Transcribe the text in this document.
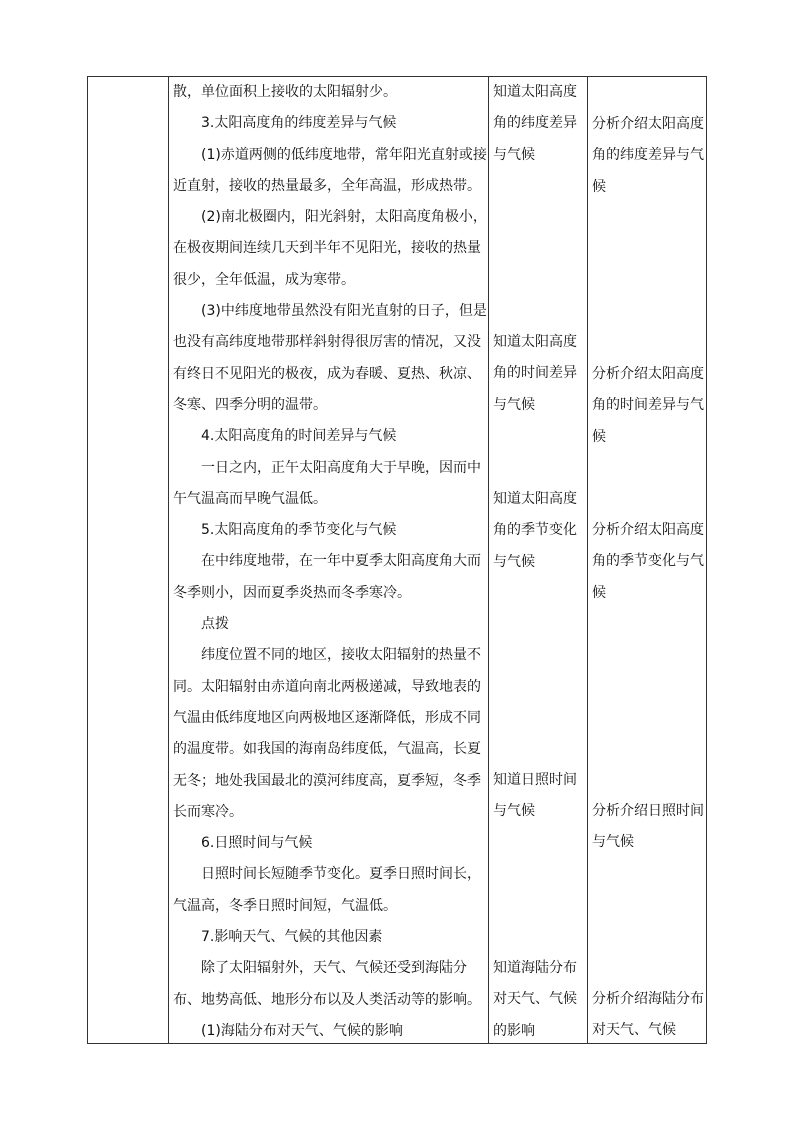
散，单位面积上接收的太阳辐射少。

3.太阳高度角的纬度差异与气候

(1)赤道两侧的低纬度地带，常年阳光直射或接近直射，接收的热量最多，全年高温，形成热带。

(2)南北极圈内，阳光斜射，太阳高度角极小，在极夜期间连续几天到半年不见阳光，接收的热量很少，全年低温，成为寒带。

(3)中纬度地带虽然没有阳光直射的日子，但是也没有高纬度地带那样斜射得很厉害的情况，又没有终日不见阳光的极夜，成为春暖、夏热、秋凉、冬寒、四季分明的温带。

4.太阳高度角的时间差异与气候

一日之内，正午太阳高度角大于早晚，因而中午气温高而早晚气温低。

5.太阳高度角的季节变化与气候

在中纬度地带，在一年中夏季太阳高度角大而冬季则小，因而夏季炎热而冬季寒冷。

点拨

纬度位置不同的地区，接收太阳辐射的热量不同。太阳辐射由赤道向南北两极递减，导致地表的气温由低纬度地区向两极地区逐渐降低，形成不同的温度带。如我国的海南岛纬度低，气温高，长夏无冬；地处我国最北的漠河纬度高，夏季短，冬季长而寒冷。

6.日照时间与气候

日照时间长短随季节变化。夏季日照时间长，气温高，冬季日照时间短，气温低。

7.影响天气、气候的其他因素

除了太阳辐射外，天气、气候还受到海陆分布、地势高低、地形分布以及人类活动等的影响。

(1)海陆分布对天气、气候的影响

知道太阳高度角的纬度差异与气候
知道太阳高度角的时间差异与气候
知道太阳高度角的季节变化与气候
知道日照时间与气候
知道海陆分布对天气、气候的影响
分析介绍太阳高度角的纬度差异与气候
分析介绍太阳高度角的时间差异与气候
分析介绍太阳高度角的季节变化与气候
分析介绍日照时间与气候
分析介绍海陆分布对天气、气候
